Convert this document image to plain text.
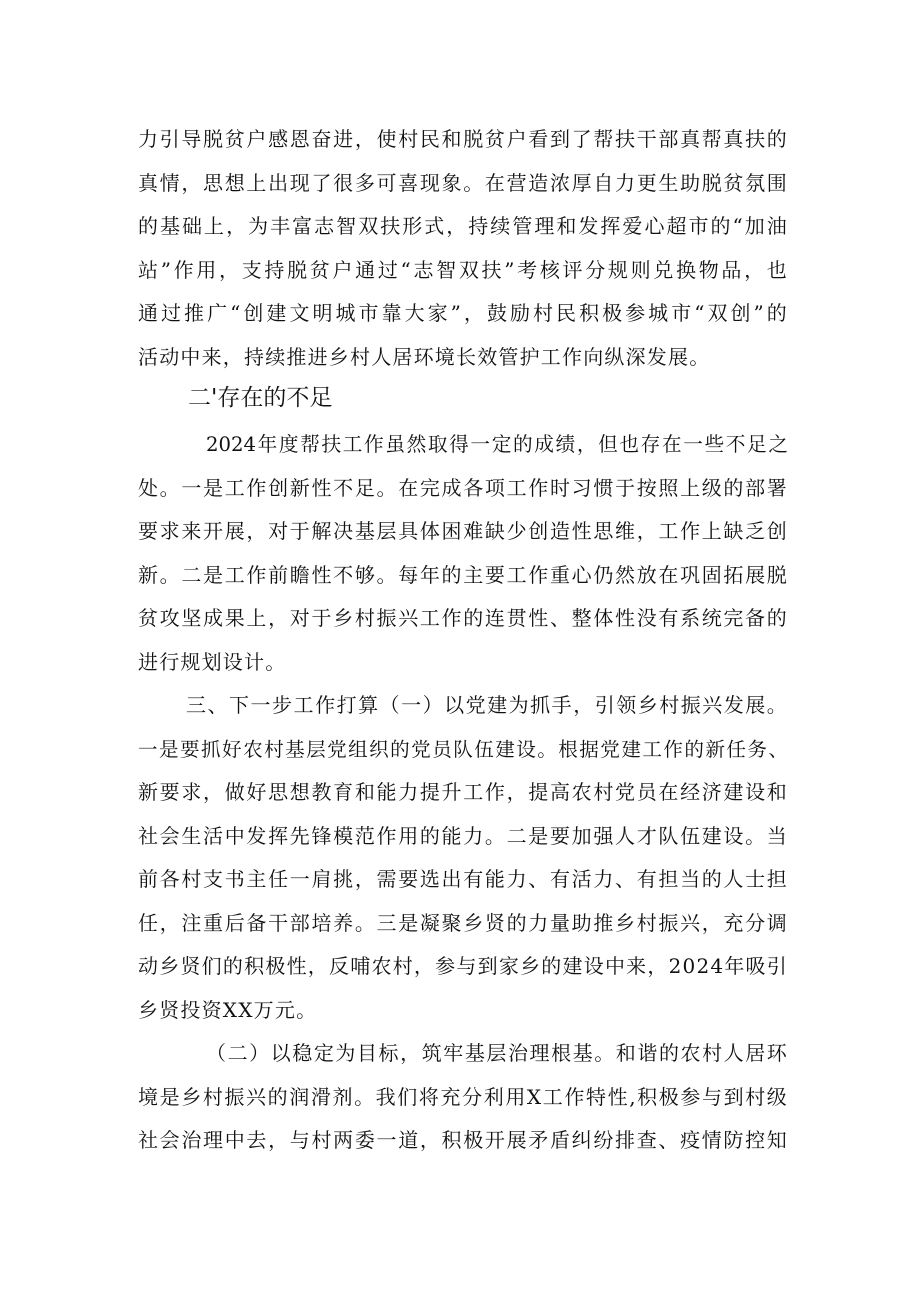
力引导脱贫户感恩奋进，使村民和脱贫户看到了帮扶干部真帮真扶的
真情，思想上出现了很多可喜现象。在营造浓厚自力更生助脱贫氛围
的基础上，为丰富志智双扶形式，持续管理和发挥爱心超市的“加油
站”作用，支持脱贫户通过“志智双扶”考核评分规则兑换物品，也
通过推广“创建文明城市靠大家”，鼓励村民积极参城市“双创”的
活动中来，持续推进乡村人居环境长效管护工作向纵深发展。
二'存在的不足
2024年度帮扶工作虽然取得一定的成绩，但也存在一些不足之
处。一是工作创新性不足。在完成各项工作时习惯于按照上级的部署
要求来开展，对于解决基层具体困难缺少创造性思维，工作上缺乏创
新。二是工作前瞻性不够。每年的主要工作重心仍然放在巩固拓展脱
贫攻坚成果上，对于乡村振兴工作的连贯性、整体性没有系统完备的
进行规划设计。
三、下一步工作打算（一）以党建为抓手，引领乡村振兴发展。
一是要抓好农村基层党组织的党员队伍建设。根据党建工作的新任务、
新要求，做好思想教育和能力提升工作，提高农村党员在经济建设和
社会生活中发挥先锋模范作用的能力。二是要加强人才队伍建设。当
前各村支书主任一肩挑，需要选出有能力、有活力、有担当的人士担
任，注重后备干部培养。三是凝聚乡贤的力量助推乡村振兴，充分调
动乡贤们的积极性，反哺农村，参与到家乡的建设中来，2024年吸引
乡贤投资XX万元。
（二）以稳定为目标，筑牢基层治理根基。和谐的农村人居环
境是乡村振兴的润滑剂。我们将充分利用X工作特性,积极参与到村级
社会治理中去，与村两委一道，积极开展矛盾纠纷排查、疫情防控知
